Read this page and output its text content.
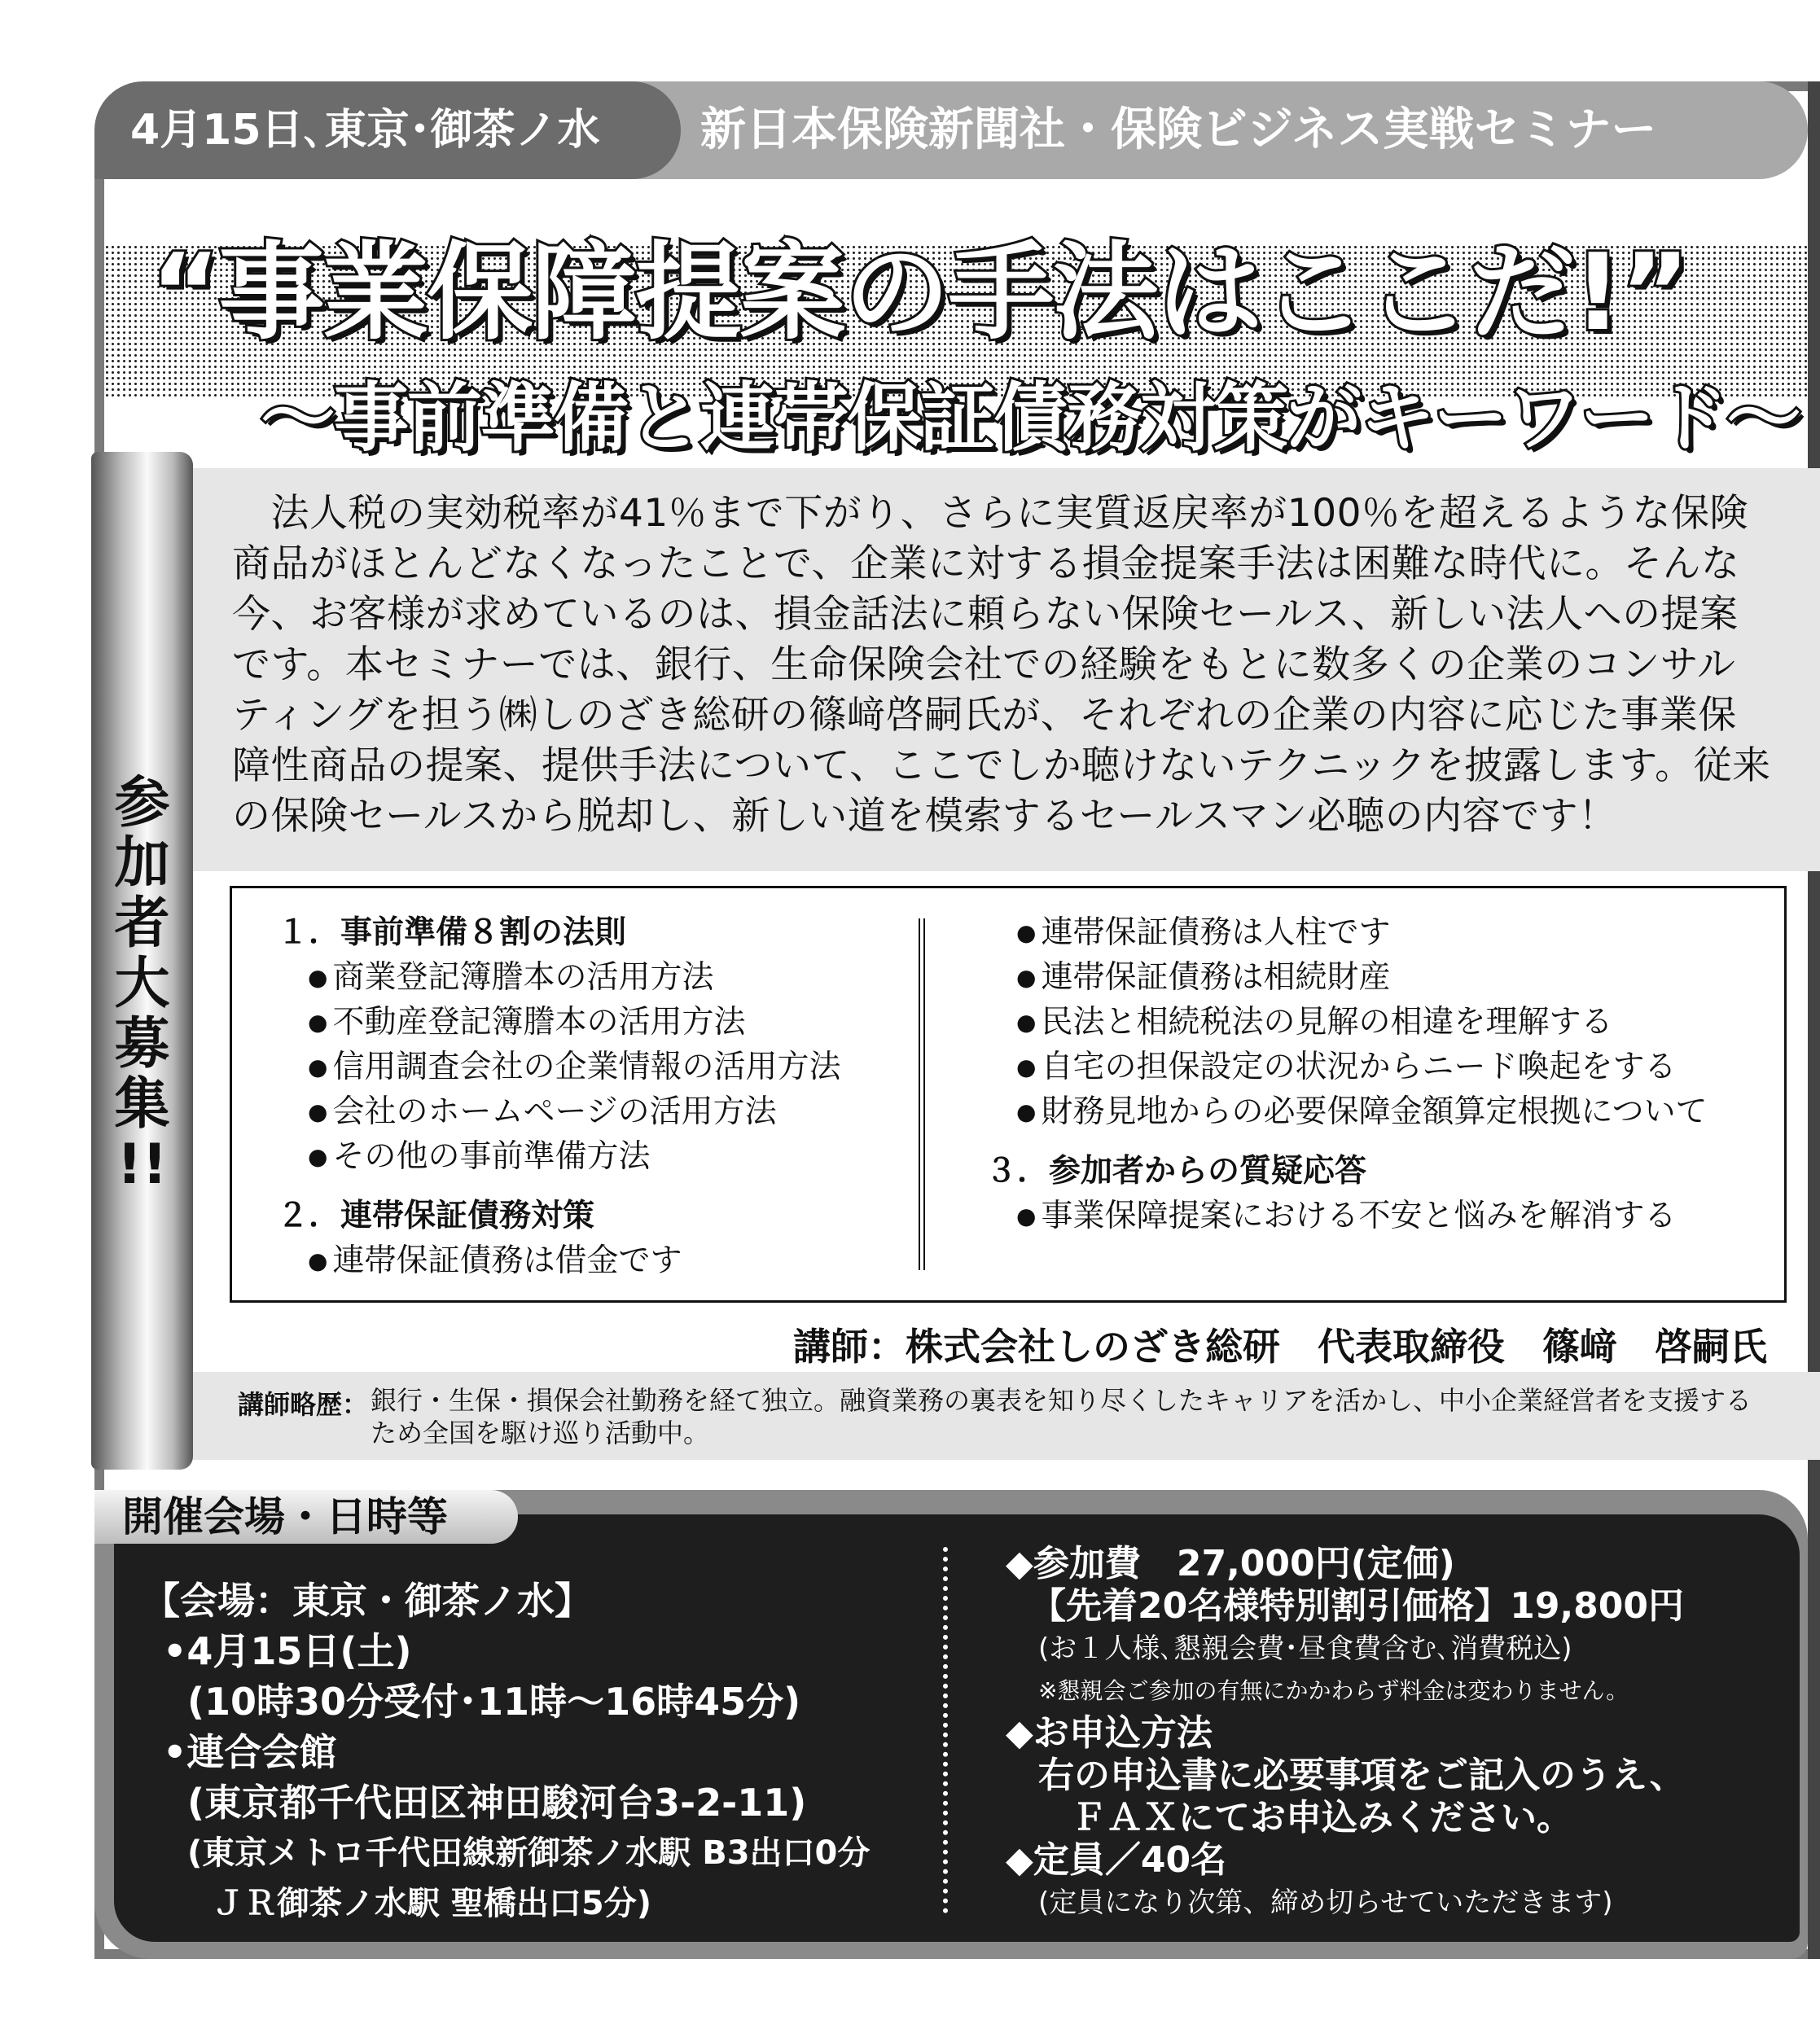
4月15日､東京･御茶ノ水 新日本保険新聞社・保険ビジネス実戦セミナー
“事業保障提案の手法はここだ!”
～事前準備と連帯保証債務対策がキーワード～
　法人税の実効税率が41％まで下がり、さらに実質返戻率が100％を超えるような保険商品がほとんどなくなったことで、企業に対する損金提案手法は困難な時代に。そんな今、お客様が求めているのは、損金話法に頼らない保険セールス、新しい法人への提案です。本セミナーでは、銀行、生命保険会社での経験をもとに数多くの企業のコンサルティングを担う㈱しのざき総研の篠﨑啓嗣氏が、それぞれの企業の内容に応じた事業保障性商品の提案、提供手法について、ここでしか聴けないテクニックを披露します。従来の保険セールスから脱却し、新しい道を模索するセールスマン必聴の内容です！
参
加
者
大
募
集
!!
１．事前準備８割の法則
● 商業登記簿謄本の活用方法
● 不動産登記簿謄本の活用方法
● 信用調査会社の企業情報の活用方法
● 会社のホームページの活用方法
● その他の事前準備方法
２．連帯保証債務対策
● 連帯保証債務は借金です
● 連帯保証債務は人柱です
● 連帯保証債務は相続財産
● 民法と相続税法の見解の相違を理解する
● 自宅の担保設定の状況からニード喚起をする
● 財務見地からの必要保障金額算定根拠について
３．参加者からの質疑応答
● 事業保障提案における不安と悩みを解消する
講師：株式会社しのざき総研　代表取締役　篠﨑　啓嗣氏
講師略歴： 銀行・生保・損保会社勤務を経て独立。融資業務の裏表を知り尽くしたキャリアを活かし、中小企業経営者を支援するため全国を駆け巡り活動中。
開催会場・日時等
【会場：東京・御茶ノ水】
•4月15日(土)
(10時30分受付･11時～16時45分)
•連合会館
(東京都千代田区神田駿河台3-2-11)
(東京メトロ千代田線新御茶ノ水駅 B3出口0分
ＪＲ御茶ノ水駅 聖橋出口5分)
◆参加費　27,000円(定価)
【先着20名様特別割引価格】19,800円
(お１人様､懇親会費･昼食費含む､消費税込)
※懇親会ご参加の有無にかかわらず料金は変わりません。
◆お申込方法
右の申込書に必要事項をご記入のうえ、
ＦＡＸにてお申込みください。
◆定員／40名
(定員になり次第、締め切らせていただきます)
